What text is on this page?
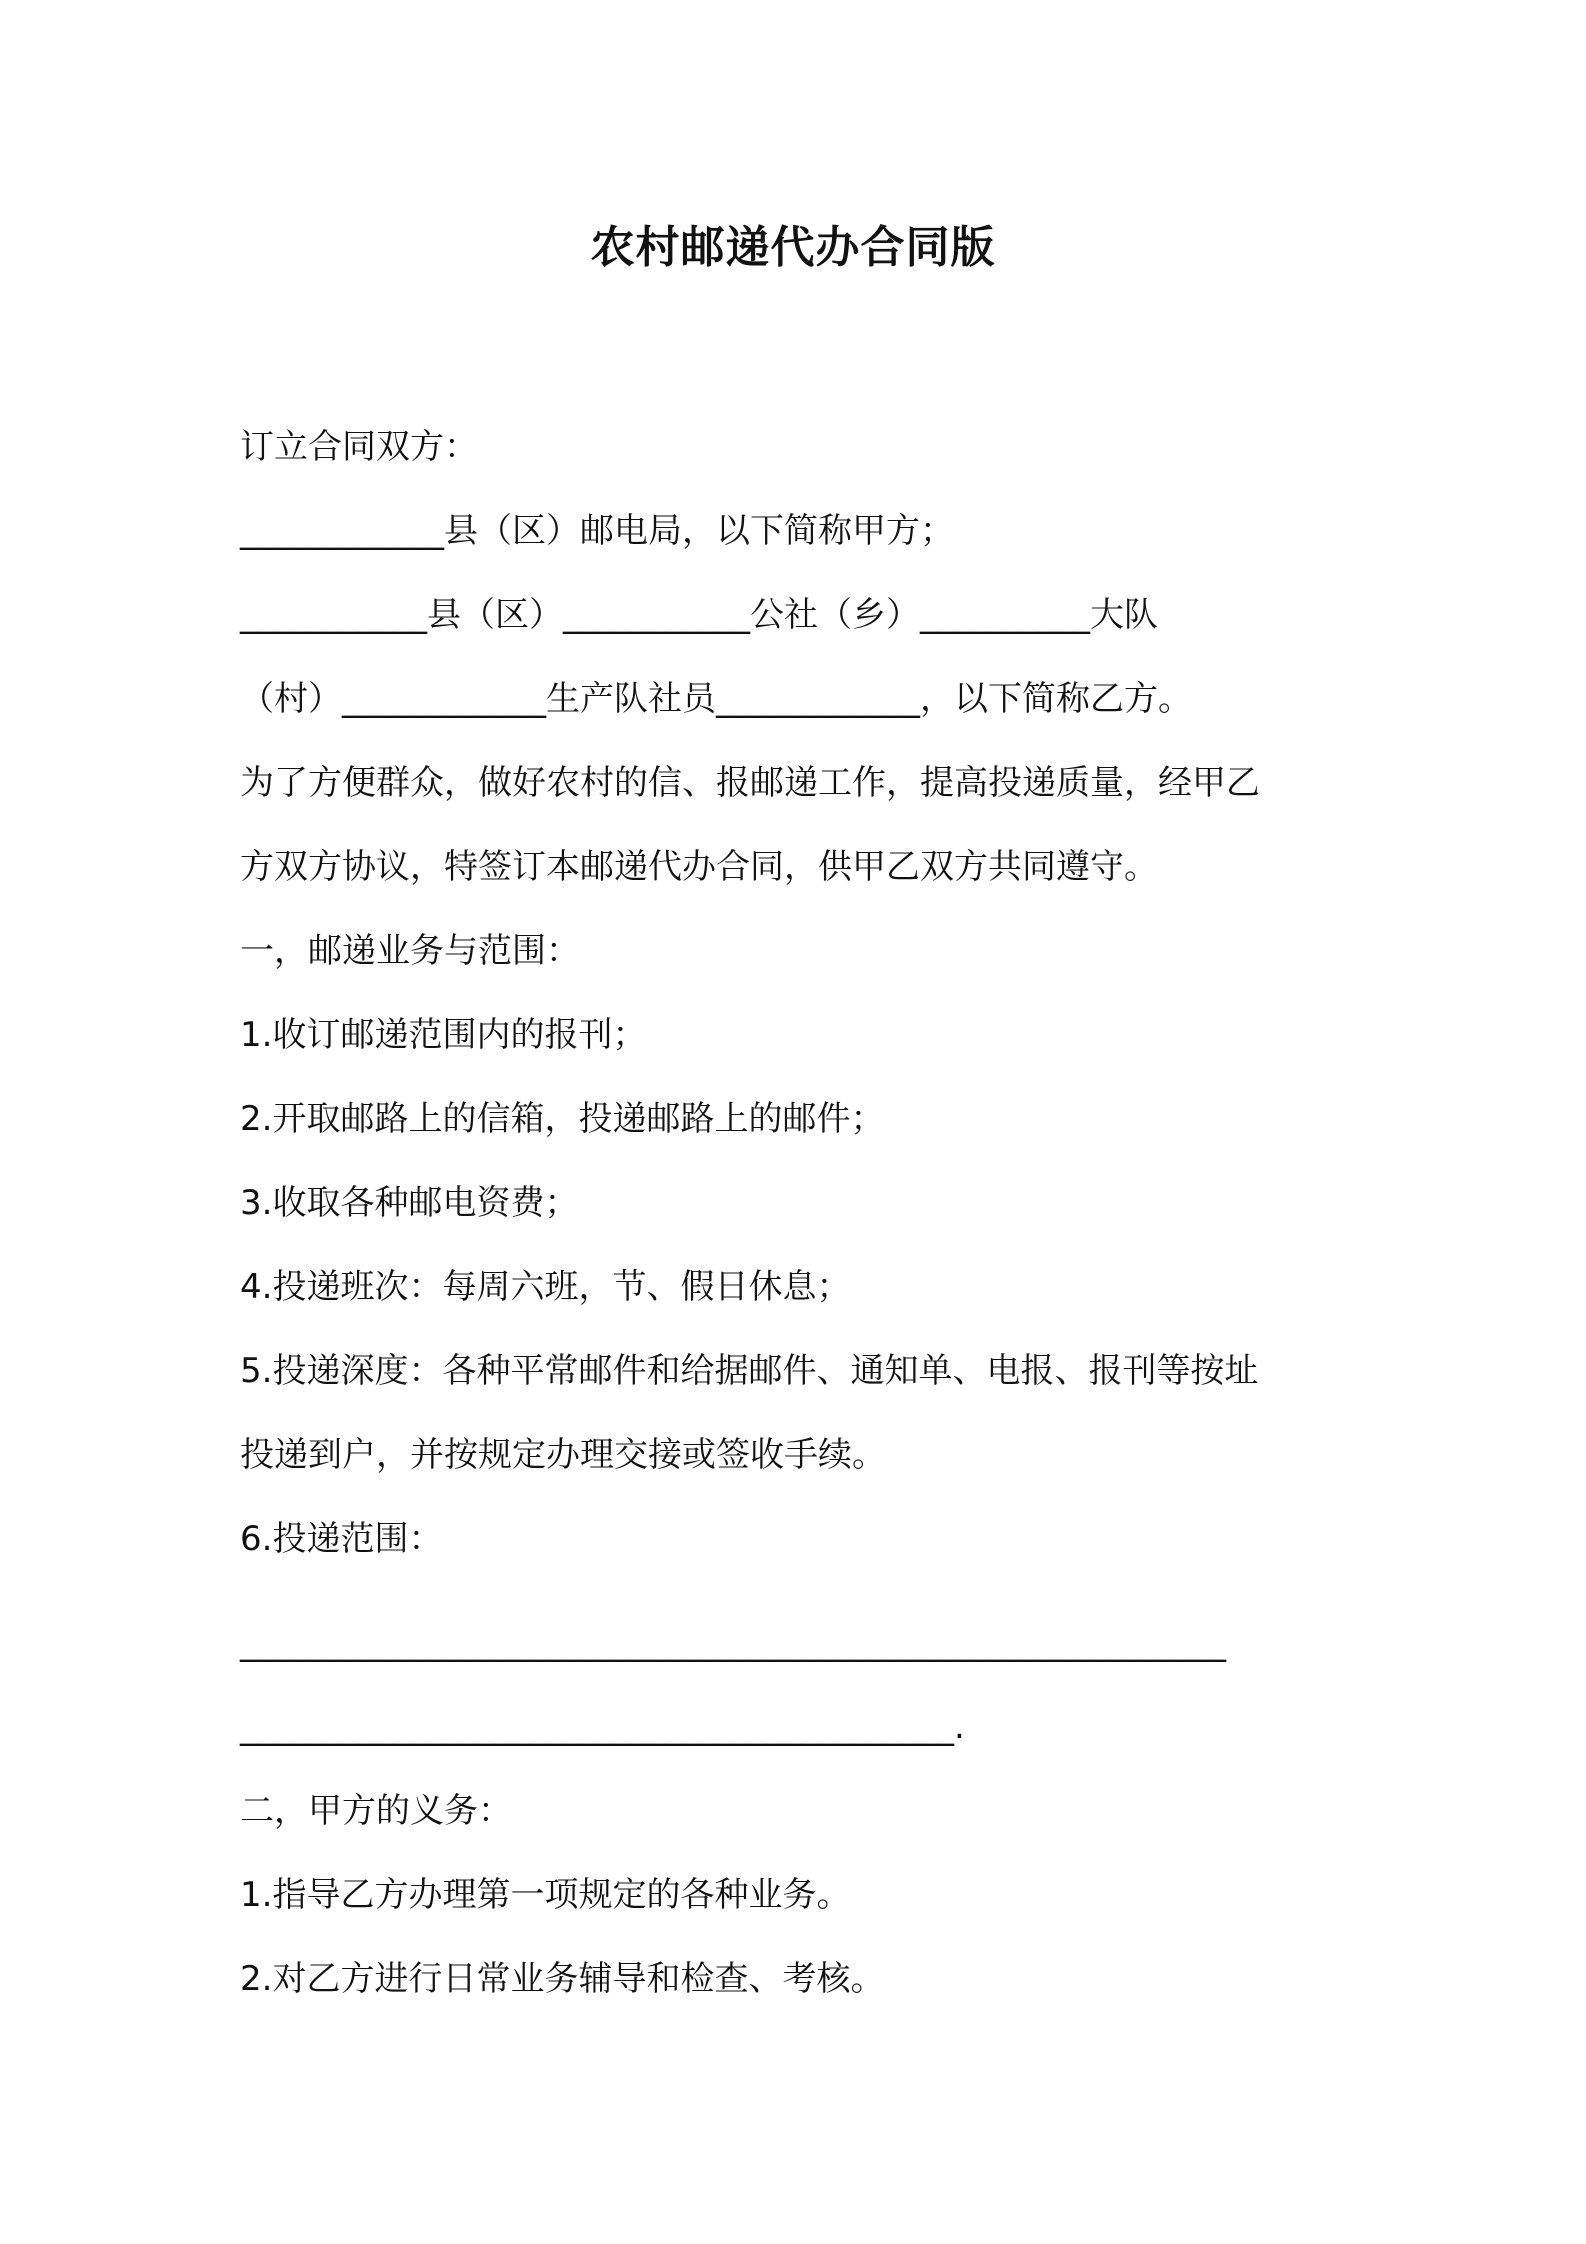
农村邮递代办合同版

订立合同双方：

____________县（区）邮电局，以下简称甲方；

___________县（区）___________公社（乡）__________大队

（村）____________生产队社员____________，以下简称乙方。

为了方便群众，做好农村的信、报邮递工作，提高投递质量，经甲乙

方双方协议，特签订本邮递代办合同，供甲乙双方共同遵守。

一，邮递业务与范围：

1.收订邮递范围内的报刊；

2.开取邮路上的信箱，投递邮路上的邮件；

3.收取各种邮电资费；

4.投递班次：每周六班，节、假日休息；

5.投递深度：各种平常邮件和给据邮件、通知单、电报、报刊等按址

投递到户，并按规定办理交接或签收手续。

6.投递范围：

__________________________________________________________

__________________________________________.

二，甲方的义务：

1.指导乙方办理第一项规定的各种业务。

2.对乙方进行日常业务辅导和检查、考核。
